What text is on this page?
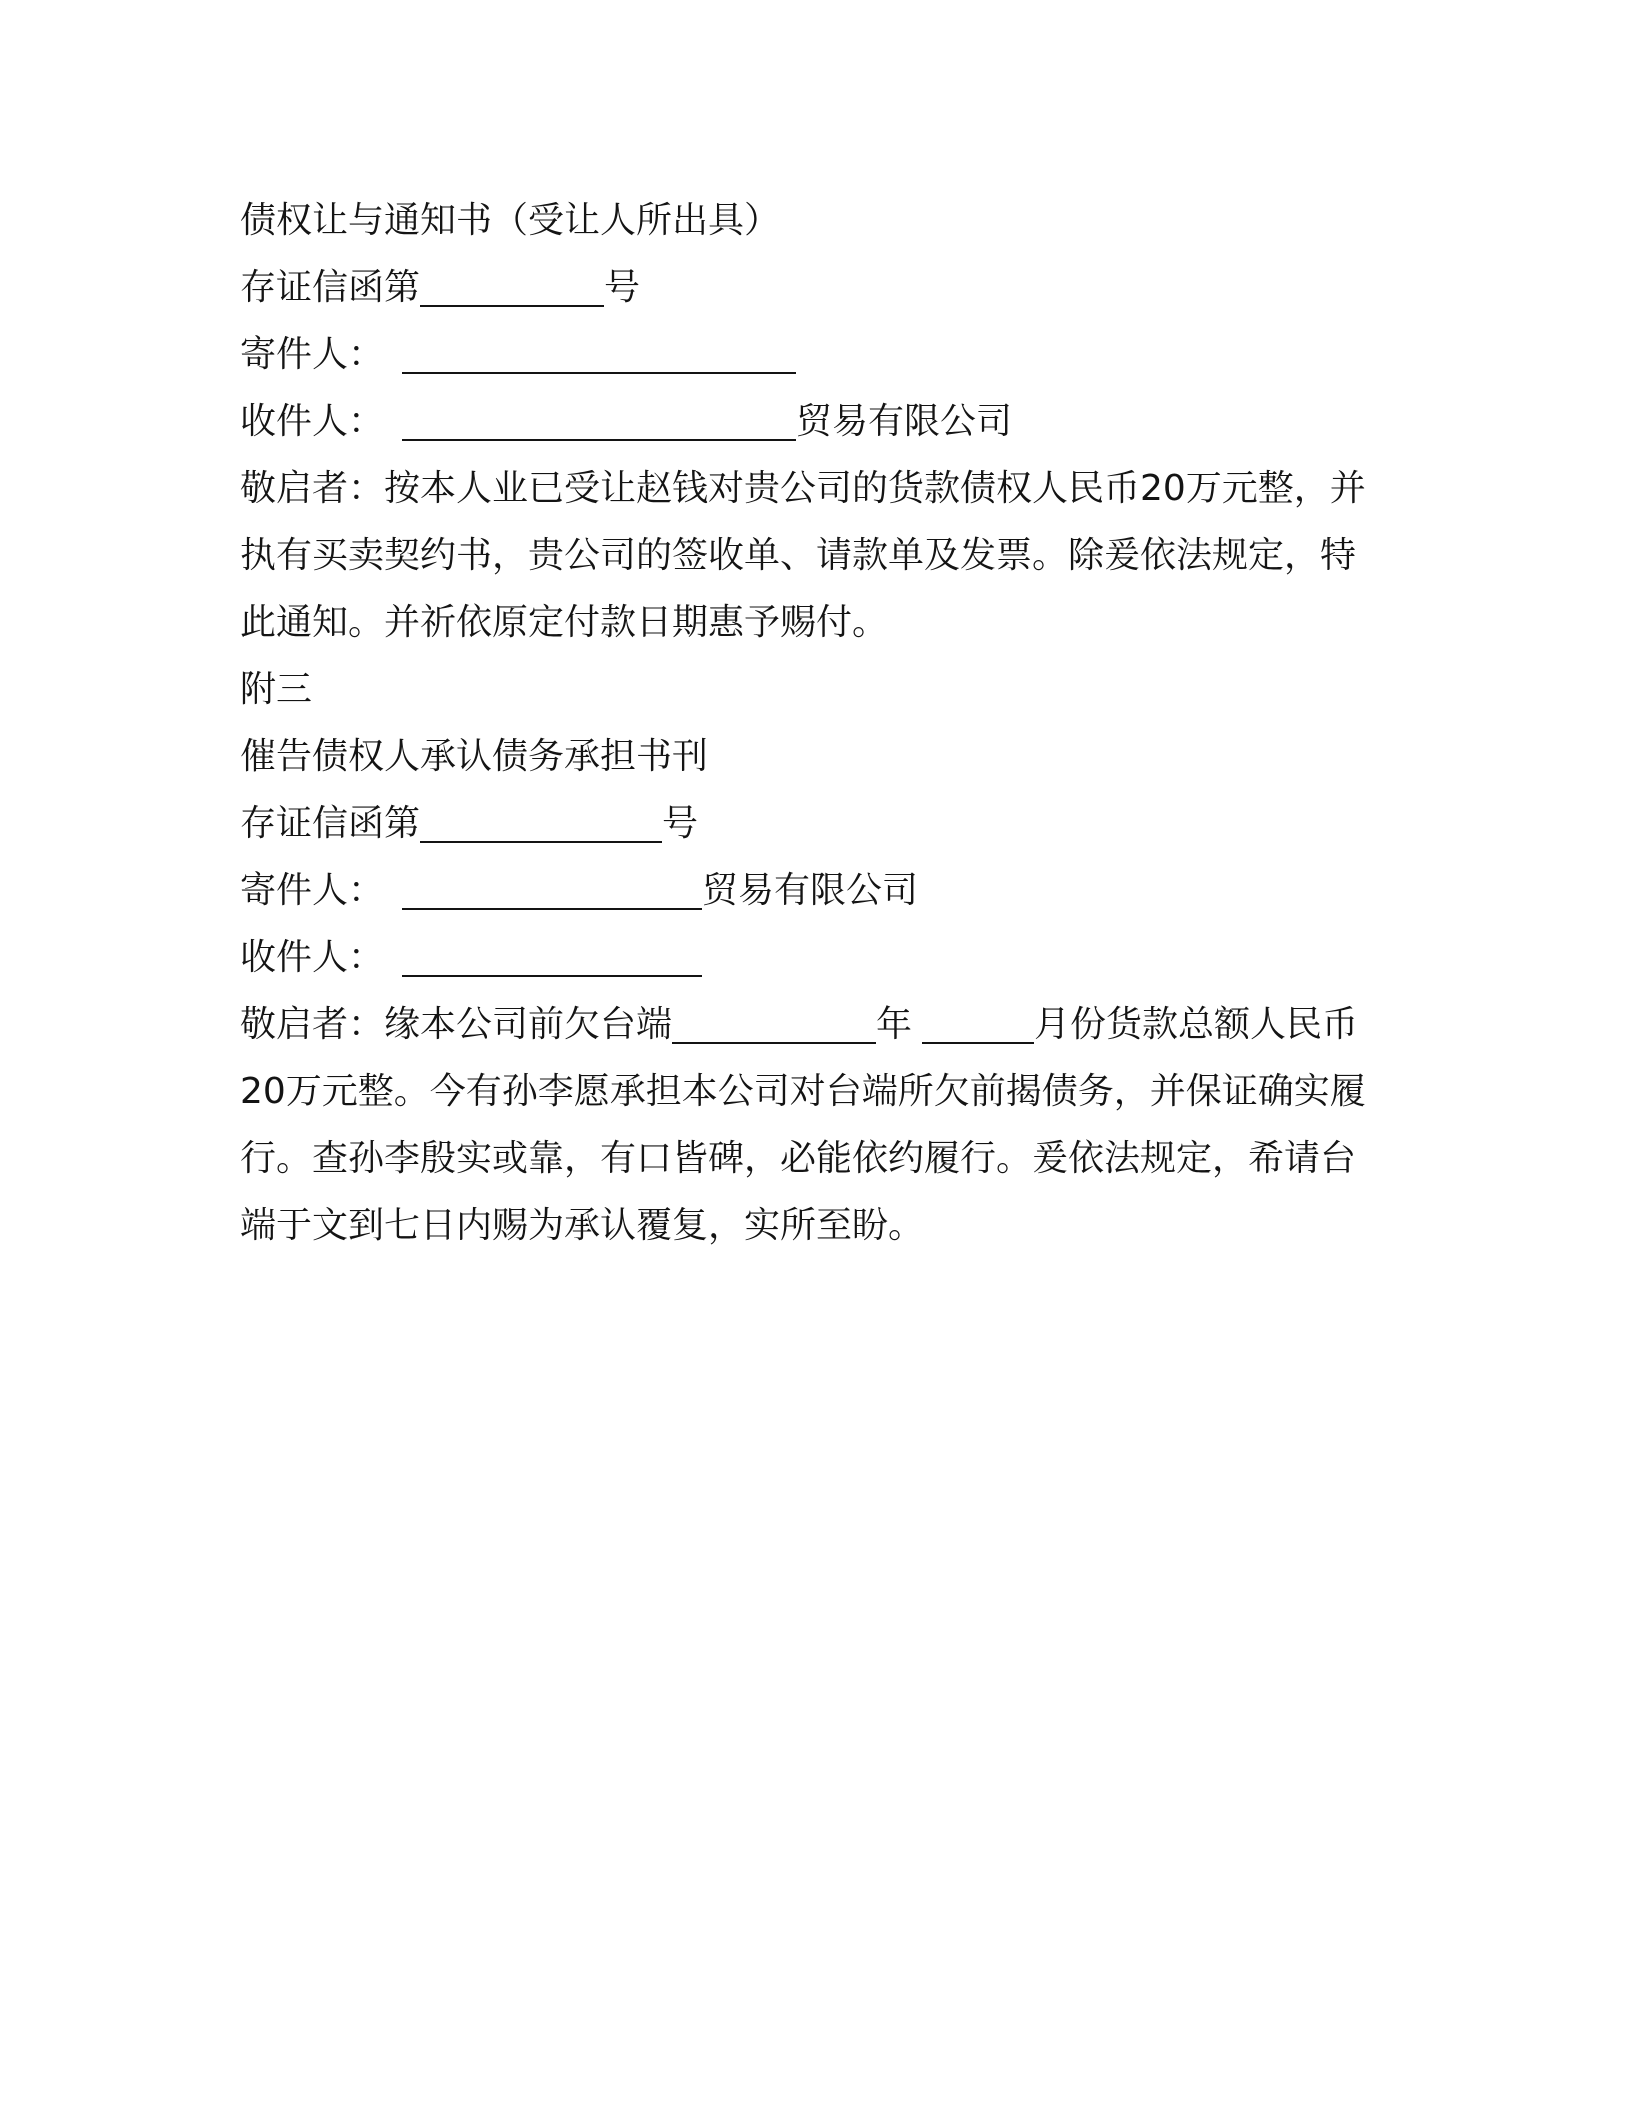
债权让与通知书（受让人所出具）
存证信函第	号
寄件人：
收件人：	贸易有限公司
敬启者：按本人业已受让赵钱对贵公司的货款债权人民币20万元整，并
执有买卖契约书，贵公司的签收单、请款单及发票。除爰依法规定，特
此通知。并祈依原定付款日期惠予赐付。
附三
催告债权人承认债务承担书刊
存证信函第	号
寄件人：	贸易有限公司
收件人：
敬启者：缘本公司前欠台端	年	月份货款总额人民币
20万元整。今有孙李愿承担本公司对台端所欠前揭债务，并保证确实履
行。查孙李殷实或靠，有口皆碑，必能依约履行。爰依法规定，希请台
端于文到七日内赐为承认覆复，实所至盼。
